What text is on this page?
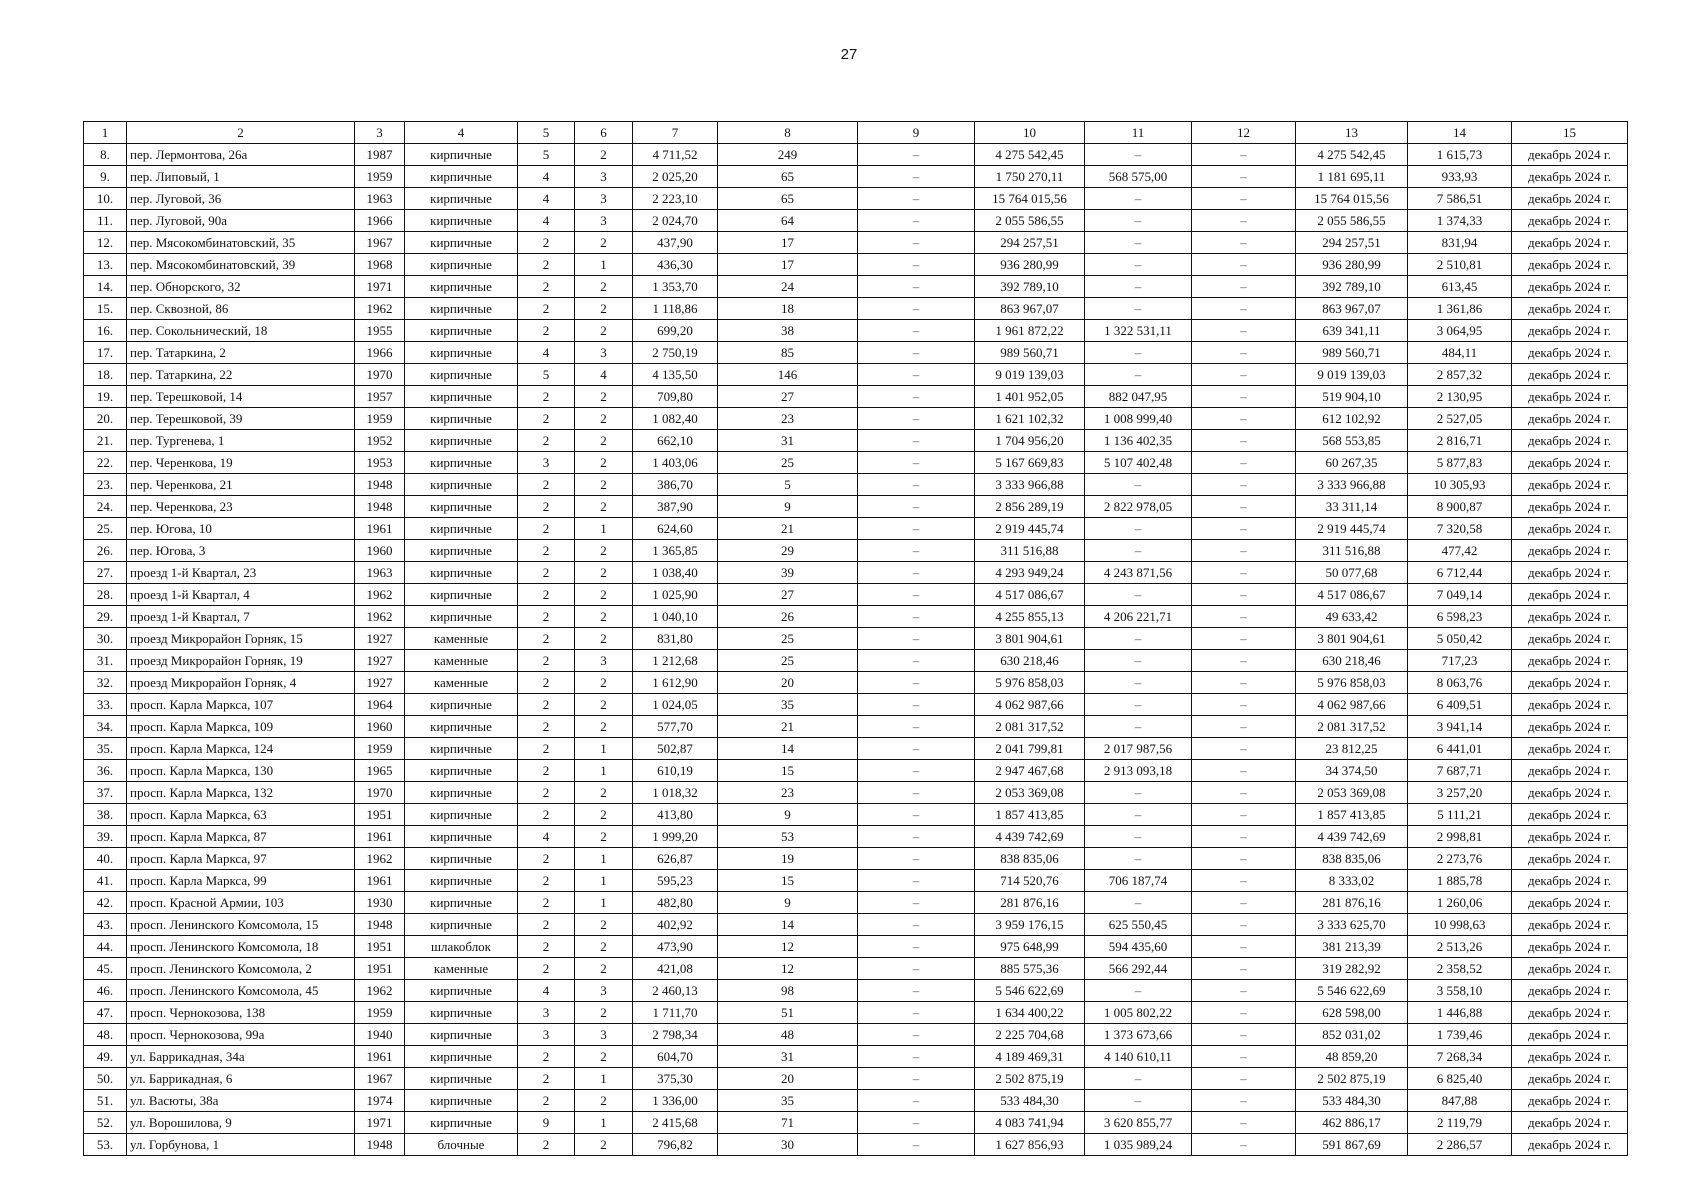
27
1	2	3	4	5	6	7	8	9	10	11	12	13	14	15
8.	пер. Лермонтова, 26а	1987	кирпичные	5	2	4 711,52	249	–	4 275 542,45	–	–	4 275 542,45	1 615,73	декабрь 2024 г.
9.	пер. Липовый, 1	1959	кирпичные	4	3	2 025,20	65	–	1 750 270,11	568 575,00	–	1 181 695,11	933,93	декабрь 2024 г.
10.	пер. Луговой, 36	1963	кирпичные	4	3	2 223,10	65	–	15 764 015,56	–	–	15 764 015,56	7 586,51	декабрь 2024 г.
11.	пер. Луговой, 90а	1966	кирпичные	4	3	2 024,70	64	–	2 055 586,55	–	–	2 055 586,55	1 374,33	декабрь 2024 г.
12.	пер. Мясокомбинатовский, 35	1967	кирпичные	2	2	437,90	17	–	294 257,51	–	–	294 257,51	831,94	декабрь 2024 г.
13.	пер. Мясокомбинатовский, 39	1968	кирпичные	2	1	436,30	17	–	936 280,99	–	–	936 280,99	2 510,81	декабрь 2024 г.
14.	пер. Обнорского, 32	1971	кирпичные	2	2	1 353,70	24	–	392 789,10	–	–	392 789,10	613,45	декабрь 2024 г.
15.	пер. Сквозной, 86	1962	кирпичные	2	2	1 118,86	18	–	863 967,07	–	–	863 967,07	1 361,86	декабрь 2024 г.
16.	пер. Сокольнический, 18	1955	кирпичные	2	2	699,20	38	–	1 961 872,22	1 322 531,11	–	639 341,11	3 064,95	декабрь 2024 г.
17.	пер. Татаркина, 2	1966	кирпичные	4	3	2 750,19	85	–	989 560,71	–	–	989 560,71	484,11	декабрь 2024 г.
18.	пер. Татаркина, 22	1970	кирпичные	5	4	4 135,50	146	–	9 019 139,03	–	–	9 019 139,03	2 857,32	декабрь 2024 г.
19.	пер. Терешковой, 14	1957	кирпичные	2	2	709,80	27	–	1 401 952,05	882 047,95	–	519 904,10	2 130,95	декабрь 2024 г.
20.	пер. Терешковой, 39	1959	кирпичные	2	2	1 082,40	23	–	1 621 102,32	1 008 999,40	–	612 102,92	2 527,05	декабрь 2024 г.
21.	пер. Тургенева, 1	1952	кирпичные	2	2	662,10	31	–	1 704 956,20	1 136 402,35	–	568 553,85	2 816,71	декабрь 2024 г.
22.	пер. Черенкова, 19	1953	кирпичные	3	2	1 403,06	25	–	5 167 669,83	5 107 402,48	–	60 267,35	5 877,83	декабрь 2024 г.
23.	пер. Черенкова, 21	1948	кирпичные	2	2	386,70	5	–	3 333 966,88	–	–	3 333 966,88	10 305,93	декабрь 2024 г.
24.	пер. Черенкова, 23	1948	кирпичные	2	2	387,90	9	–	2 856 289,19	2 822 978,05	–	33 311,14	8 900,87	декабрь 2024 г.
25.	пер. Югова, 10	1961	кирпичные	2	1	624,60	21	–	2 919 445,74	–	–	2 919 445,74	7 320,58	декабрь 2024 г.
26.	пер. Югова, 3	1960	кирпичные	2	2	1 365,85	29	–	311 516,88	–	–	311 516,88	477,42	декабрь 2024 г.
27.	проезд 1-й Квартал, 23	1963	кирпичные	2	2	1 038,40	39	–	4 293 949,24	4 243 871,56	–	50 077,68	6 712,44	декабрь 2024 г.
28.	проезд 1-й Квартал, 4	1962	кирпичные	2	2	1 025,90	27	–	4 517 086,67	–	–	4 517 086,67	7 049,14	декабрь 2024 г.
29.	проезд 1-й Квартал, 7	1962	кирпичные	2	2	1 040,10	26	–	4 255 855,13	4 206 221,71	–	49 633,42	6 598,23	декабрь 2024 г.
30.	проезд Микрорайон Горняк, 15	1927	каменные	2	2	831,80	25	–	3 801 904,61	–	–	3 801 904,61	5 050,42	декабрь 2024 г.
31.	проезд Микрорайон Горняк, 19	1927	каменные	2	3	1 212,68	25	–	630 218,46	–	–	630 218,46	717,23	декабрь 2024 г.
32.	проезд Микрорайон Горняк, 4	1927	каменные	2	2	1 612,90	20	–	5 976 858,03	–	–	5 976 858,03	8 063,76	декабрь 2024 г.
33.	просп. Карла Маркса, 107	1964	кирпичные	2	2	1 024,05	35	–	4 062 987,66	–	–	4 062 987,66	6 409,51	декабрь 2024 г.
34.	просп. Карла Маркса, 109	1960	кирпичные	2	2	577,70	21	–	2 081 317,52	–	–	2 081 317,52	3 941,14	декабрь 2024 г.
35.	просп. Карла Маркса, 124	1959	кирпичные	2	1	502,87	14	–	2 041 799,81	2 017 987,56	–	23 812,25	6 441,01	декабрь 2024 г.
36.	просп. Карла Маркса, 130	1965	кирпичные	2	1	610,19	15	–	2 947 467,68	2 913 093,18	–	34 374,50	7 687,71	декабрь 2024 г.
37.	просп. Карла Маркса, 132	1970	кирпичные	2	2	1 018,32	23	–	2 053 369,08	–	–	2 053 369,08	3 257,20	декабрь 2024 г.
38.	просп. Карла Маркса, 63	1951	кирпичные	2	2	413,80	9	–	1 857 413,85	–	–	1 857 413,85	5 111,21	декабрь 2024 г.
39.	просп. Карла Маркса, 87	1961	кирпичные	4	2	1 999,20	53	–	4 439 742,69	–	–	4 439 742,69	2 998,81	декабрь 2024 г.
40.	просп. Карла Маркса, 97	1962	кирпичные	2	1	626,87	19	–	838 835,06	–	–	838 835,06	2 273,76	декабрь 2024 г.
41.	просп. Карла Маркса, 99	1961	кирпичные	2	1	595,23	15	–	714 520,76	706 187,74	–	8 333,02	1 885,78	декабрь 2024 г.
42.	просп. Красной Армии, 103	1930	кирпичные	2	1	482,80	9	–	281 876,16	–	–	281 876,16	1 260,06	декабрь 2024 г.
43.	просп. Ленинского Комсомола, 15	1948	кирпичные	2	2	402,92	14	–	3 959 176,15	625 550,45	–	3 333 625,70	10 998,63	декабрь 2024 г.
44.	просп. Ленинского Комсомола, 18	1951	шлакоблок	2	2	473,90	12	–	975 648,99	594 435,60	–	381 213,39	2 513,26	декабрь 2024 г.
45.	просп. Ленинского Комсомола, 2	1951	каменные	2	2	421,08	12	–	885 575,36	566 292,44	–	319 282,92	2 358,52	декабрь 2024 г.
46.	просп. Ленинского Комсомола, 45	1962	кирпичные	4	3	2 460,13	98	–	5 546 622,69	–	–	5 546 622,69	3 558,10	декабрь 2024 г.
47.	просп. Чернокозова, 138	1959	кирпичные	3	2	1 711,70	51	–	1 634 400,22	1 005 802,22	–	628 598,00	1 446,88	декабрь 2024 г.
48.	просп. Чернокозова, 99а	1940	кирпичные	3	3	2 798,34	48	–	2 225 704,68	1 373 673,66	–	852 031,02	1 739,46	декабрь 2024 г.
49.	ул. Баррикадная, 34а	1961	кирпичные	2	2	604,70	31	–	4 189 469,31	4 140 610,11	–	48 859,20	7 268,34	декабрь 2024 г.
50.	ул. Баррикадная, 6	1967	кирпичные	2	1	375,30	20	–	2 502 875,19	–	–	2 502 875,19	6 825,40	декабрь 2024 г.
51.	ул. Васюты, 38а	1974	кирпичные	2	2	1 336,00	35	–	533 484,30	–	–	533 484,30	847,88	декабрь 2024 г.
52.	ул. Ворошилова, 9	1971	кирпичные	9	1	2 415,68	71	–	4 083 741,94	3 620 855,77	–	462 886,17	2 119,79	декабрь 2024 г.
53.	ул. Горбунова, 1	1948	блочные	2	2	796,82	30	–	1 627 856,93	1 035 989,24	–	591 867,69	2 286,57	декабрь 2024 г.
